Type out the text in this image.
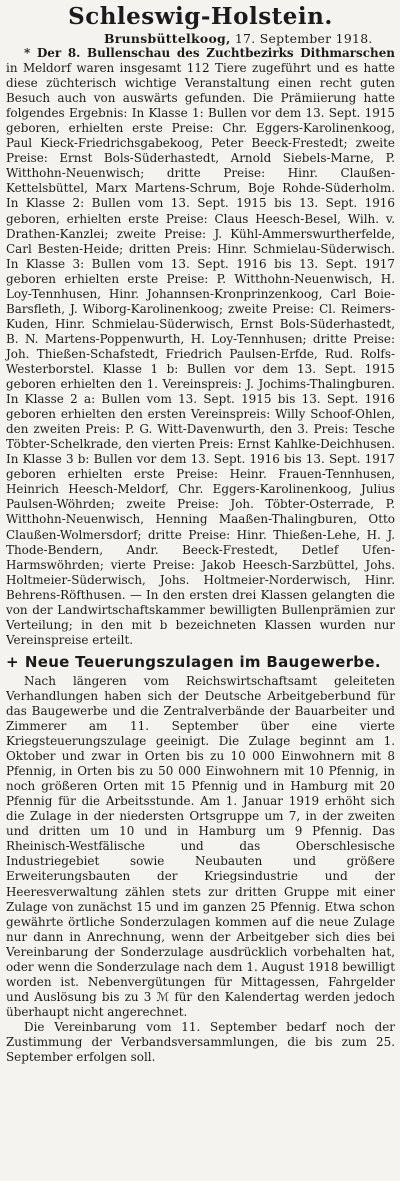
Schleswig-Holstein.
Brunsbüttelkoog, 17. September 1918.

* Der 8. Bullenschau des Zuchtbezirks Dithmarschen in Meldorf waren insgesamt 112 Tiere zugeführt und es hatte diese züchterisch wichtige Veranstaltung einen recht guten Besuch auch von auswärts gefunden. Die Prämiierung hatte folgendes Ergebnis: In Klasse 1: Bullen vor dem 13. Sept. 1915 geboren, erhielten erste Preise: Chr. Eggers-Karolinenkoog, Paul Kieck-Friedrichsgabekoog, Peter Beeck-Frestedt; zweite Preise: Ernst Bols-Süderhastedt, Arnold Siebels-Marne, P. Witthohn-Neuenwisch; dritte Preise: Hinr. Claußen-Kettelsbüttel, Marx Martens-Schrum, Boje Rohde-Süderholm. In Klasse 2: Bullen vom 13. Sept. 1915 bis 13. Sept. 1916 geboren, erhielten erste Preise: Claus Heesch-Besel, Wilh. v. Drathen-Kanzlei; zweite Preise: J. Kühl-Ammerswurtherfelde, Carl Besten-Heide; dritten Preis: Hinr. Schmielau-Süderwisch. In Klasse 3: Bullen vom 13. Sept. 1916 bis 13. Sept. 1917 geboren erhielten erste Preise: P. Witthohn-Neuenwisch, H. Loy-Tennhusen, Hinr. Johannsen-Kronprinzenkoog, Carl Boie-Barsfleth, J. Wiborg-Karolinenkoog; zweite Preise: Cl. Reimers-Kuden, Hinr. Schmielau-Süderwisch, Ernst Bols-Süderhastedt, B. N. Martens-Poppenwurth, H. Loy-Tennhusen; dritte Preise: Joh. Thießen-Schafstedt, Friedrich Paulsen-Erfde, Rud. Rolfs-Westerborstel. Klasse 1 b: Bullen vor dem 13. Sept. 1915 geboren erhielten den 1. Vereinspreis: J. Jochims-Thalingburen. In Klasse 2 a: Bullen vom 13. Sept. 1915 bis 13. Sept. 1916 geboren erhielten den ersten Vereinspreis: Willy Schoof-Ohlen, den zweiten Preis: P. G. Witt-Davenwurth, den 3. Preis: Tesche Töbter-Schelkrade, den vierten Preis: Ernst Kahlke-Deichhusen. In Klasse 3 b: Bullen vor dem 13. Sept. 1916 bis 13. Sept. 1917 geboren erhielten erste Preise: Heinr. Frauen-Tennhusen, Heinrich Heesch-Meldorf, Chr. Eggers-Karolinenkoog, Julius Paulsen-Wöhrden; zweite Preise: Joh. Töbter-Osterrade, P. Witthohn-Neuenwisch, Henning Maaßen-Thalingburen, Otto Claußen-Wolmersdorf; dritte Preise: Hinr. Thießen-Lehe, H. J. Thode-Bendern, Andr. Beeck-Frestedt, Detlef Ufen-Harmswöhrden; vierte Preise: Jakob Heesch-Sarzbüttel, Johs. Holtmeier-Süderwisch, Johs. Holtmeier-Norderwisch, Hinr. Behrens-Röfthusen. — In den ersten drei Klassen gelangten die von der Landwirtschaftskammer bewilligten Bullenprämien zur Verteilung; in den mit b bezeichneten Klassen wurden nur Vereinspreise erteilt.

+ Neue Teuerungszulagen im Baugewerbe.

Nach längeren vom Reichswirtschaftsamt geleiteten Verhandlungen haben sich der Deutsche Arbeitgeberbund für das Baugewerbe und die Zentralverbände der Bauarbeiter und Zimmerer am 11. September über eine vierte Kriegsteuerungszulage geeinigt. Die Zulage beginnt am 1. Oktober und zwar in Orten bis zu 10 000 Einwohnern mit 8 Pfennig, in Orten bis zu 50 000 Einwohnern mit 10 Pfennig, in noch größeren Orten mit 15 Pfennig und in Hamburg mit 20 Pfennig für die Arbeitsstunde. Am 1. Januar 1919 erhöht sich die Zulage in der niedersten Ortsgruppe um 7, in der zweiten und dritten um 10 und in Hamburg um 9 Pfennig. Das Rheinisch-Westfälische und das Oberschlesische Industriegebiet sowie Neubauten und größere Erweiterungsbauten der Kriegsindustrie und der Heeresverwaltung zählen stets zur dritten Gruppe mit einer Zulage von zunächst 15 und im ganzen 25 Pfennig. Etwa schon gewährte örtliche Sonderzulagen kommen auf die neue Zulage nur dann in Anrechnung, wenn der Arbeitgeber sich dies bei Vereinbarung der Sonderzulage ausdrücklich vorbehalten hat, oder wenn die Sonderzulage nach dem 1. August 1918 bewilligt worden ist. Nebenvergütungen für Mittagessen, Fahrgelder und Auslösung bis zu 3 ℳ für den Kalendertag werden jedoch überhaupt nicht angerechnet.

Die Vereinbarung vom 11. September bedarf noch der Zustimmung der Verbandsversammlungen, die bis zum 25. September erfolgen soll.
